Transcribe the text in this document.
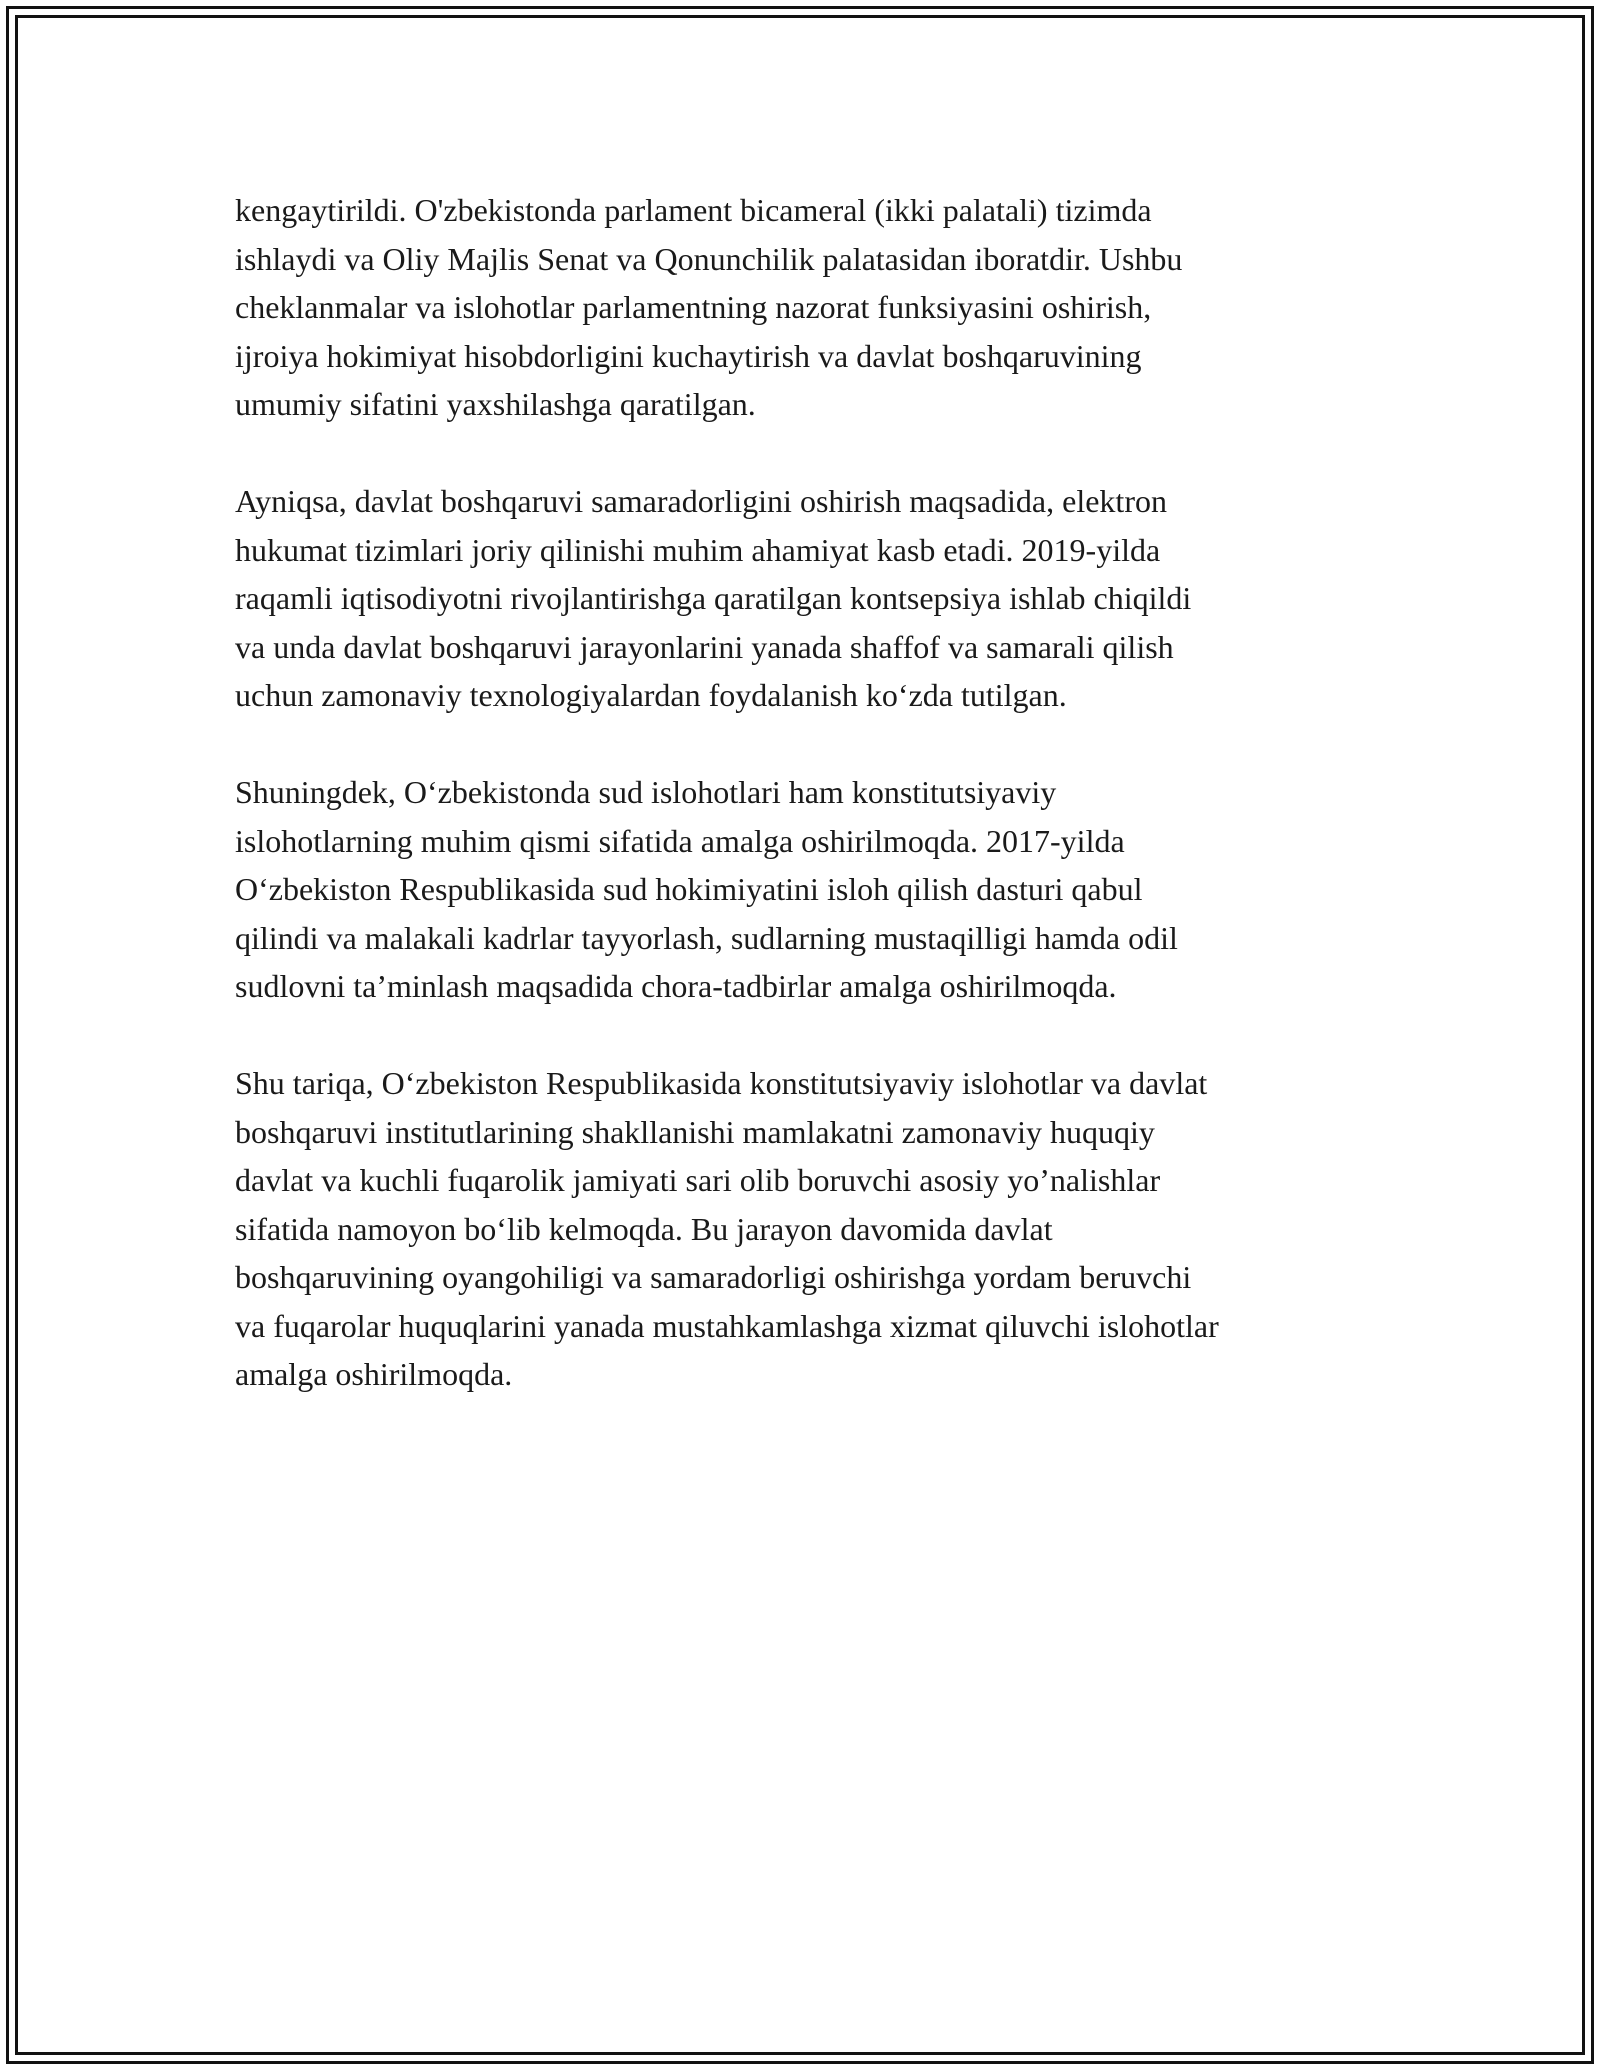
kengaytirildi. O'zbekistonda parlament bicameral (ikki palatali) tizimda
ishlaydi va Oliy Majlis Senat va Qonunchilik palatasidan iboratdir. Ushbu
cheklanmalar va islohotlar parlamentning nazorat funksiyasini oshirish,
ijroiya hokimiyat hisobdorligini kuchaytirish va davlat boshqaruvining
umumiy sifatini yaxshilashga qaratilgan.

Ayniqsa, davlat boshqaruvi samaradorligini oshirish maqsadida, elektron
hukumat tizimlari joriy qilinishi muhim ahamiyat kasb etadi. 2019-yilda
raqamli iqtisodiyotni rivojlantirishga qaratilgan kontsepsiya ishlab chiqildi
va unda davlat boshqaruvi jarayonlarini yanada shaffof va samarali qilish
uchun zamonaviy texnologiyalardan foydalanish ko‘zda tutilgan.

Shuningdek, O‘zbekistonda sud islohotlari ham konstitutsiyaviy
islohotlarning muhim qismi sifatida amalga oshirilmoqda. 2017-yilda
O‘zbekiston Respublikasida sud hokimiyatini isloh qilish dasturi qabul
qilindi va malakali kadrlar tayyorlash, sudlarning mustaqilligi hamda odil
sudlovni ta’minlash maqsadida chora-tadbirlar amalga oshirilmoqda.

Shu tariqa, O‘zbekiston Respublikasida konstitutsiyaviy islohotlar va davlat
boshqaruvi institutlarining shakllanishi mamlakatni zamonaviy huquqiy
davlat va kuchli fuqarolik jamiyati sari olib boruvchi asosiy yo’nalishlar
sifatida namoyon bo‘lib kelmoqda. Bu jarayon davomida davlat
boshqaruvining oyangohiligi va samaradorligi oshirishga yordam beruvchi
va fuqarolar huquqlarini yanada mustahkamlashga xizmat qiluvchi islohotlar
amalga oshirilmoqda.
